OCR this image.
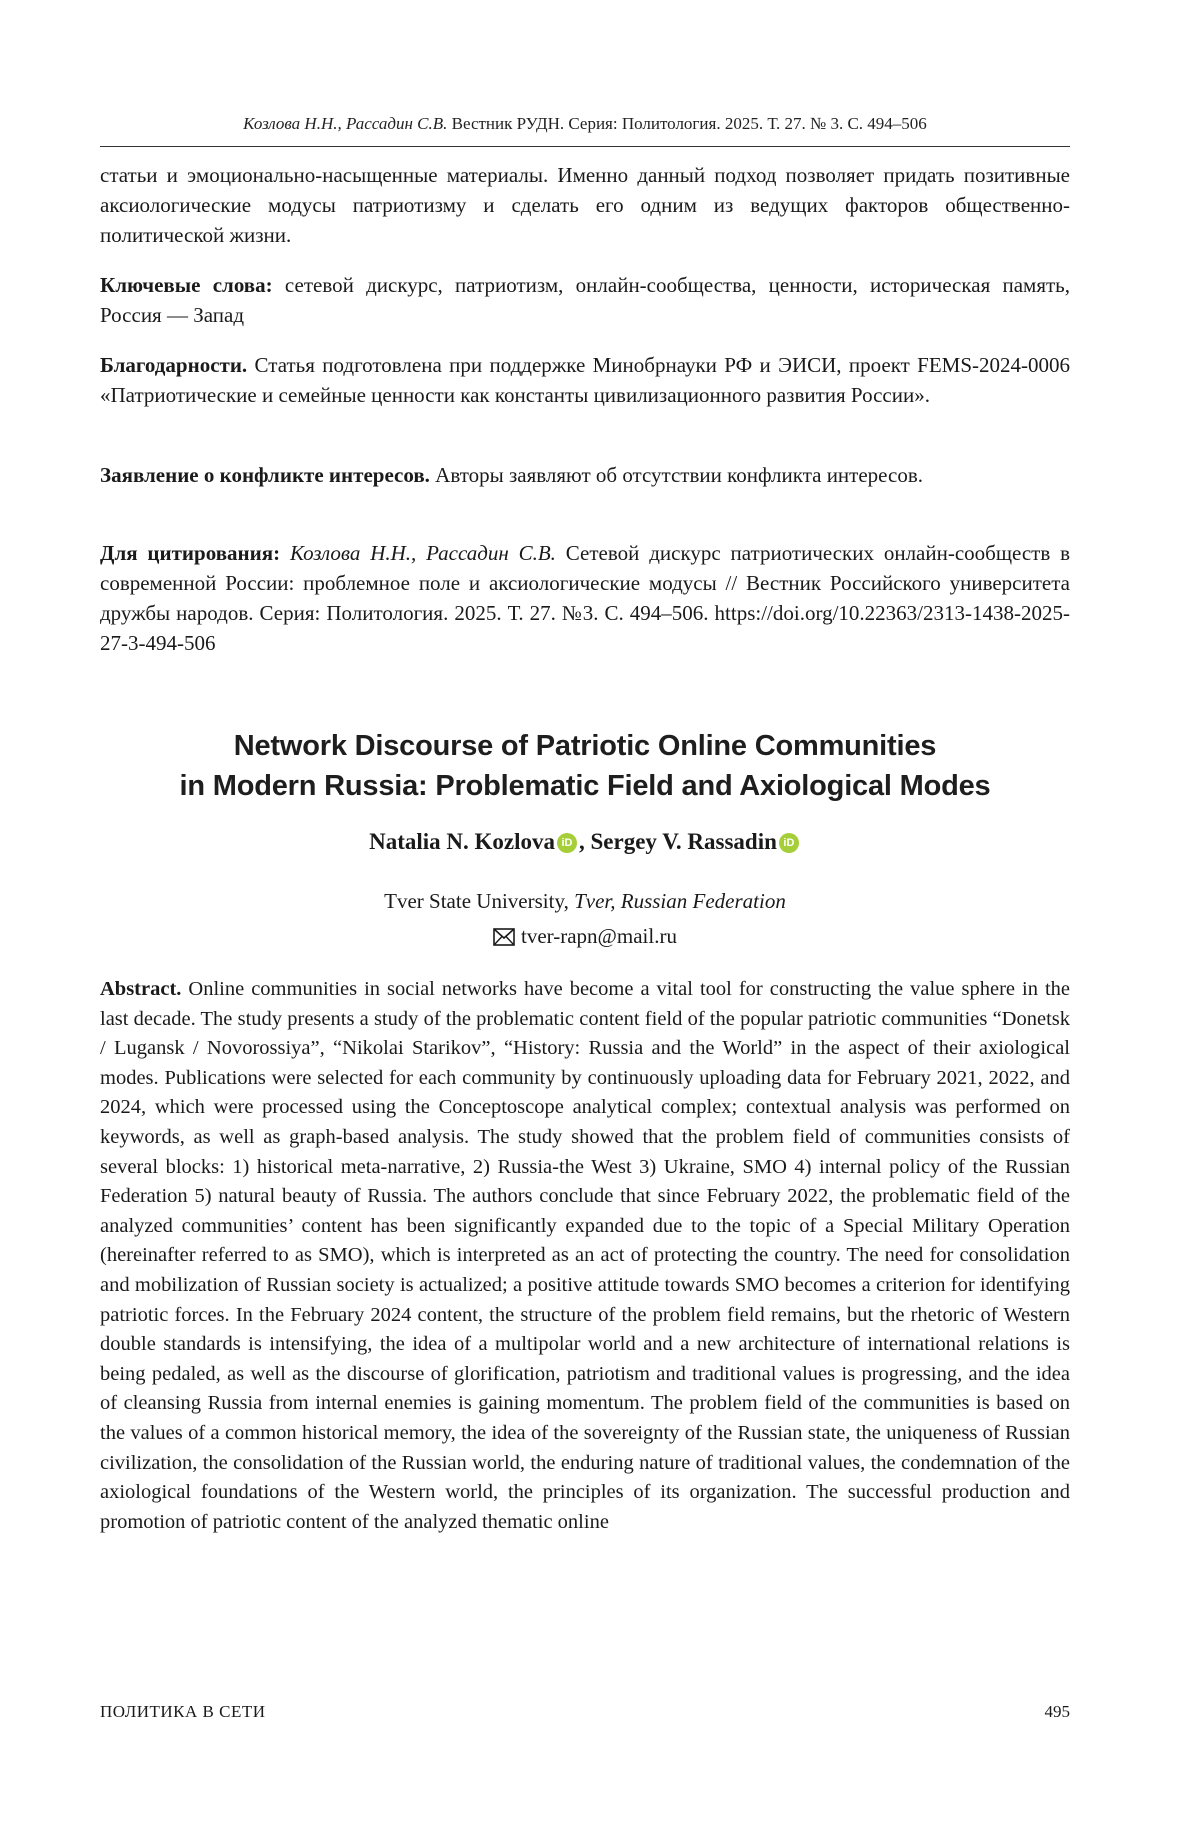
Козлова Н.Н., Рассадин С.В. Вестник РУДН. Серия: Политология. 2025. Т. 27. № 3. С. 494–506
статьи и эмоционально-насыщенные материалы. Именно данный подход позволяет придать позитивные аксиологические модусы патриотизму и сделать его одним из ведущих факторов общественно-политической жизни.
Ключевые слова: сетевой дискурс, патриотизм, онлайн-сообщества, ценности, историческая память, Россия — Запад
Благодарности. Статья подготовлена при поддержке Минобрнауки РФ и ЭИСИ, проект FEMS-2024-0006 «Патриотические и семейные ценности как константы цивилизационного развития России».
Заявление о конфликте интересов. Авторы заявляют об отсутствии конфликта интересов.
Для цитирования: Козлова Н.Н., Рассадин С.В. Сетевой дискурс патриотических онлайн-сообществ в современной России: проблемное поле и аксиологические модусы // Вестник Российского университета дружбы народов. Серия: Политология. 2025. Т. 27. №3. С. 494–506. https://doi.org/10.22363/2313-1438-2025-27-3-494-506
Network Discourse of Patriotic Online Communities
in Modern Russia: Problematic Field and Axiological Modes
Natalia N. Kozlova iD , Sergey V. Rassadin iD
Tver State University, Tver, Russian Federation
tver-rapn@mail.ru
Abstract. Online communities in social networks have become a vital tool for constructing the value sphere in the last decade. The study presents a study of the problematic content field of the popular patriotic communities “Donetsk / Lugansk / Novorossiya”, “Nikolai Starikov”, “History: Russia and the World” in the aspect of their axiological modes. Publications were selected for each community by continuously uploading data for February 2021, 2022, and 2024, which were processed using the Conceptoscope analytical complex; contextual analysis was performed on keywords, as well as graph-based analysis. The study showed that the problem field of communities consists of several blocks: 1) historical meta-narrative, 2) Russia-the West 3) Ukraine, SMO 4) internal policy of the Russian Federation 5) natural beauty of Russia. The authors conclude that since February 2022, the problematic field of the analyzed communities’ content has been significantly expanded due to the topic of a Special Military Operation (hereinafter referred to as SMO), which is interpreted as an act of protecting the country. The need for consolidation and mobilization of Russian society is actualized; a positive attitude towards SMO becomes a criterion for identifying patriotic forces. In the February 2024 content, the structure of the problem field remains, but the rhetoric of Western double standards is intensifying, the idea of a multipolar world and a new architecture of international relations is being pedaled, as well as the discourse of glorification, patriotism and traditional values is progressing, and the idea of cleansing Russia from internal enemies is gaining momentum. The problem field of the communities is based on the values of a common historical memory, the idea of the sovereignty of the Russian state, the uniqueness of Russian civilization, the consolidation of the Russian world, the enduring nature of traditional values, the condemnation of the axiological foundations of the Western world, the principles of its organization. The successful production and promotion of patriotic content of the analyzed thematic online
ПОЛИТИКА В СЕТИ	495
